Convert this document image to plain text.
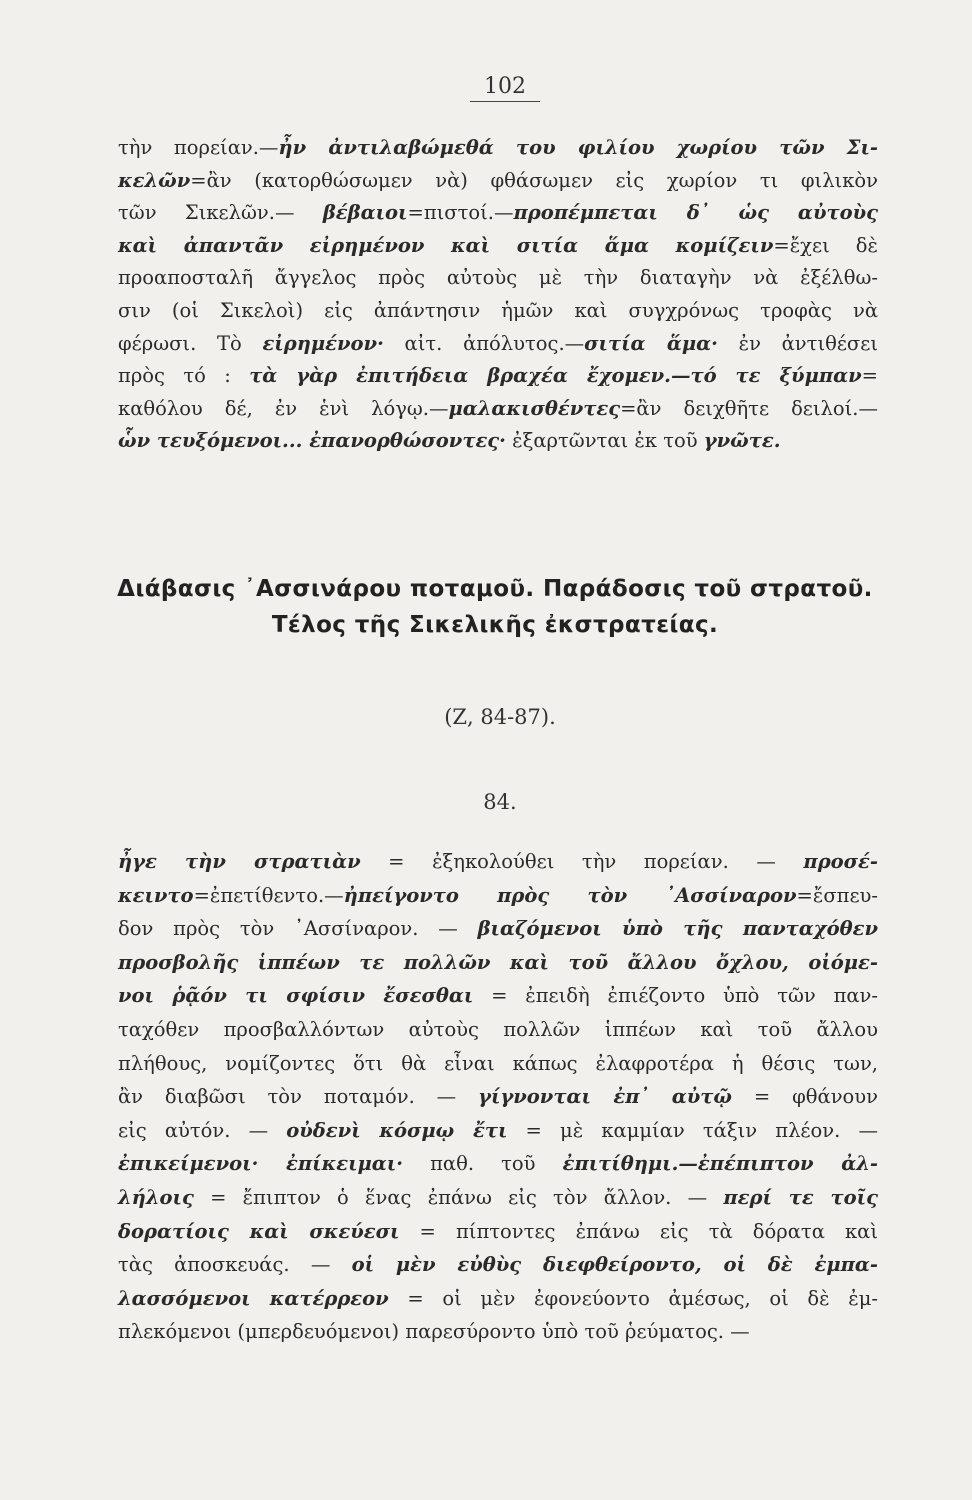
102
τὴν πορείαν.—ἦν ἀντιλαβώμεθά του φιλίου χωρίου τῶν Σι-
κελῶν=ἂν (κατορθώσωμεν νὰ) φθάσωμεν εἰς χωρίον τι φιλικὸν
τῶν Σικελῶν.— βέβαιοι=πιστοί.—προπέμπεται δ᾽ ὡς αὐτοὺς
καὶ ἀπαντᾶν εἰρημένον καὶ σιτία ἅμα κομίζειν=ἔχει δὲ
προαποσταλῆ ἄγγελος πρὸς αὐτοὺς μὲ τὴν διαταγὴν νὰ ἐξέλθω-
σιν (οἱ Σικελοὶ) εἰς ἀπάντησιν ἡμῶν καὶ συγχρόνως τροφὰς νὰ
φέρωσι. Τὸ εἰρημένον· αἰτ. ἀπόλυτος.—σιτία ἅμα· ἐν ἀντιθέσει
πρὸς τό : τὰ γὰρ ἐπιτήδεια βραχέα ἔχομεν.—τό τε ξύμπαν=
καθόλου δέ, ἐν ἑνὶ λόγῳ.—μαλακισθέντες=ἂν δειχθῆτε δειλοί.—
ὧν τευξόμενοι... ἐπανορθώσοντες· ἐξαρτῶνται ἐκ τοῦ γνῶτε.
Διάβασις ᾿Ασσινάρου ποταμοῦ. Παράδοσις τοῦ στρατοῦ.
Τέλος τῆς Σικελικῆς ἐκστρατείας.
(Ζ, 84-87).
84.
ἦγε τὴν στρατιὰν = ἐξηκολούθει τὴν πορείαν. — προσέ-
κειντο=ἐπετίθεντο.—ἠπείγοντο πρὸς τὸν ᾿Ασσίναρον=ἔσπευ-
δον πρὸς τὸν ᾿Ασσίναρον. — βιαζόμενοι ὑπὸ τῆς πανταχόθεν
προσβολῆς ἱππέων τε πολλῶν καὶ τοῦ ἄλλου ὄχλου, οἰόμε-
νοι ῥᾷόν τι σφίσιν ἔσεσθαι = ἐπειδὴ ἐπιέζοντο ὑπὸ τῶν παν-
ταχόθεν προσβαλλόντων αὐτοὺς πολλῶν ἱππέων καὶ τοῦ ἄλλου
πλήθους, νομίζοντες ὅτι θὰ εἶναι κάπως ἐλαφροτέρα ἡ θέσις των,
ἂν διαβῶσι τὸν ποταμόν. — γίγνονται ἐπ᾽ αὐτῷ = φθάνουν
εἰς αὐτόν. — οὐδενὶ κόσμῳ ἔτι = μὲ καμμίαν τάξιν πλέον. —
ἐπικείμενοι· ἐπίκειμαι· παθ. τοῦ ἐπιτίθημι.—ἐπέπιπτον ἀλ-
λήλοις = ἔπιπτον ὁ ἕνας ἐπάνω εἰς τὸν ἄλλον. — περί τε τοῖς
δορατίοις καὶ σκεύεσι = πίπτοντες ἐπάνω εἰς τὰ δόρατα καὶ
τὰς ἀποσκευάς. — οἱ μὲν εὐθὺς διεφθείροντο, οἱ δὲ ἐμπα-
λασσόμενοι κατέρρεον = οἱ μὲν ἐφονεύοντο ἀμέσως, οἱ δὲ ἐμ-
πλεκόμενοι (μπερδευόμενοι) παρεσύροντο ὑπὸ τοῦ ῥεύματος. —
